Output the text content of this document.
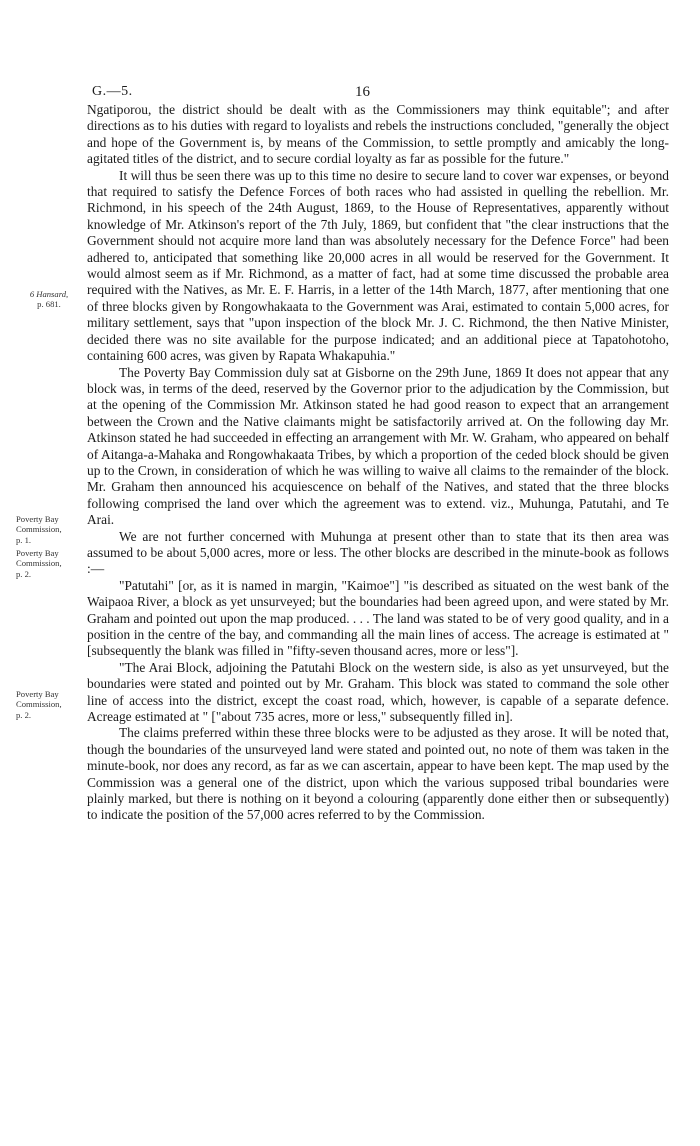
G.—5.	16
6 Hansard,
p. 681.
Poverty Bay
Commission,
p. 1.
Poverty Bay
Commission,
p. 2.
Poverty Bay
Commission,
p. 2.

Ngatiporou, the district should be dealt with as the Commissioners may think equitable"; and after directions as to his duties with regard to loyalists and rebels the instructions concluded, "generally the object and hope of the Government is, by means of the Commission, to settle promptly and amicably the long-agitated titles of the district, and to secure cordial loyalty as far as possible for the future."

It will thus be seen there was up to this time no desire to secure land to cover war expenses, or beyond that required to satisfy the Defence Forces of both races who had assisted in quelling the rebellion. Mr. Richmond, in his speech of the 24th August, 1869, to the House of Representatives, apparently without knowledge of Mr. Atkinson's report of the 7th July, 1869, but confident that "the clear instructions that the Government should not acquire more land than was absolutely necessary for the Defence Force" had been adhered to, anticipated that something like 20,000 acres in all would be reserved for the Government. It would almost seem as if Mr. Richmond, as a matter of fact, had at some time discussed the probable area required with the Natives, as Mr. E. F. Harris, in a letter of the 14th March, 1877, after mentioning that one of three blocks given by Rongowhakaata to the Government was Arai, estimated to contain 5,000 acres, for military settlement, says that "upon inspection of the block Mr. J. C. Richmond, the then Native Minister, decided there was no site available for the purpose indicated; and an additional piece at Tapatohotoho, containing 600 acres, was given by Rapata Whakapuhia."

The Poverty Bay Commission duly sat at Gisborne on the 29th June, 1869 It does not appear that any block was, in terms of the deed, reserved by the Governor prior to the adjudication by the Commission, but at the opening of the Commission Mr. Atkinson stated he had good reason to expect that an arrangement between the Crown and the Native claimants might be satisfactorily arrived at. On the following day Mr. Atkinson stated he had succeeded in effecting an arrangement with Mr. W. Graham, who appeared on behalf of Aitanga-a-Mahaka and Rongowhakaata Tribes, by which a proportion of the ceded block should be given up to the Crown, in consideration of which he was willing to waive all claims to the remainder of the block. Mr. Graham then announced his acquiescence on behalf of the Natives, and stated that the three blocks following comprised the land over which the agreement was to extend. viz., Muhunga, Patutahi, and Te Arai.

We are not further concerned with Muhunga at present other than to state that its then area was assumed to be about 5,000 acres, more or less. The other blocks are described in the minute-book as follows :—

"Patutahi" [or, as it is named in margin, "Kaimoe"] "is described as situated on the west bank of the Waipaoa River, a block as yet unsurveyed; but the boundaries had been agreed upon, and were stated by Mr. Graham and pointed out upon the map produced. . . . The land was stated to be of very good quality, and in a position in the centre of the bay, and commanding all the main lines of access. The acreage is estimated at "[subsequently the blank was filled in "fifty-seven thousand acres, more or less"].

"The Arai Block, adjoining the Patutahi Block on the western side, is also as yet unsurveyed, but the boundaries were stated and pointed out by Mr. Graham. This block was stated to command the sole other line of access into the district, except the coast road, which, however, is capable of a separate defence. Acreage estimated at " ["about 735 acres, more or less," subsequently filled in].

The claims preferred within these three blocks were to be adjusted as they arose. It will be noted that, though the boundaries of the unsurveyed land were stated and pointed out, no note of them was taken in the minute-book, nor does any record, as far as we can ascertain, appear to have been kept. The map used by the Commission was a general one of the district, upon which the various supposed tribal boundaries were plainly marked, but there is nothing on it beyond a colouring (apparently done either then or subsequently) to indicate the position of the 57,000 acres referred to by the Commission.
